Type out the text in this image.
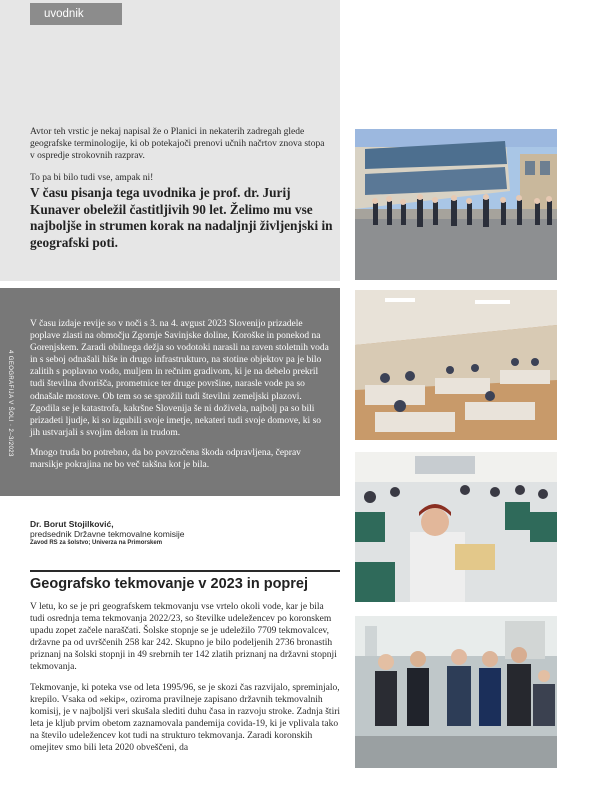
uvodnik
Avtor teh vrstic je nekaj napisal že o Planici in nekaterih zadregah glede geografske terminologije, ki ob potekajoči prenovi učnih načrtov znova stopa v ospredje strokovnih razprav.
To pa bi bilo tudi vse, ampak ni!
V času pisanja tega uvodnika je prof. dr. Jurij Kunaver obeležil častitljivih 90 let. Želimo mu vse najboljše in strumen korak na nadaljnji življenjski in geografski poti.
4 GEOGRAFIJA V ŠOLI · 2–3/2023

V času izdaje revije so v noči s 3. na 4. avgust 2023 Slovenijo prizadele poplave zlasti na območju Zgornje Savinjske doline, Koroške in ponekod na Gorenjskem. Zaradi obilnega dežja so vodotoki narasli na raven stoletnih voda in s seboj odnašali hiše in drugo infrastrukturo, na stotine objektov pa je bilo zalitih s poplavno vodo, muljem in rečnim gradivom, ki je na debelo prekril tudi številna dvorišča, prometnice ter druge površine, narasle vode pa so odnašale mostove. Ob tem so se sprožili tudi številni zemeljski plazovi. Zgodila se je katastrofa, kakršne Slovenija še ni doživela, najbolj pa so bili prizadeti ljudje, ki so izgubili svoje imetje, nekateri tudi svoje domove, ki so jih ustvarjali s svojim delom in trudom.

Mnogo truda bo potrebno, da bo povzročena škoda odpravljena, čeprav marsikje pokrajina ne bo več takšna kot je bila.

Dr. Borut Stojilković,
predsednik Državne tekmovalne komisije
Zavod RS za šolstvo; Univerza na Primorskem
Geografsko tekmovanje v 2023 in poprej

V letu, ko se je pri geografskem tekmovanju vse vrtelo okoli vode, kar je bila tudi osrednja tema tekmovanja 2022/23, so številke udeležencev po koronskem upadu zopet začele naraščati. Šolske stopnje se je udeležilo 7709 tekmovalcev, državne pa od uvrščenih 258 kar 242. Skupno je bilo podeljenih 2736 bronastih priznanj na šolski stopnji in 49 srebrnih ter 142 zlatih priznanj na državni stopnji tekmovanja.

Tekmovanje, ki poteka vse od leta 1995/96, se je skozi čas razvijalo, spreminjalo, krepilo. Vsaka od »ekip«, oziroma pravilneje zapisano državnih tekmovalnih komisij, je v najboljši veri skušala slediti duhu časa in razvoju stroke. Zadnja štiri leta je kljub prvim obetom zaznamovala pandemija covida-19, ki je vplivala tako na število udeležencev kot tudi na strukturo tekmovanja. Zaradi koronskih omejitev smo bili leta 2020 obveščeni, da
